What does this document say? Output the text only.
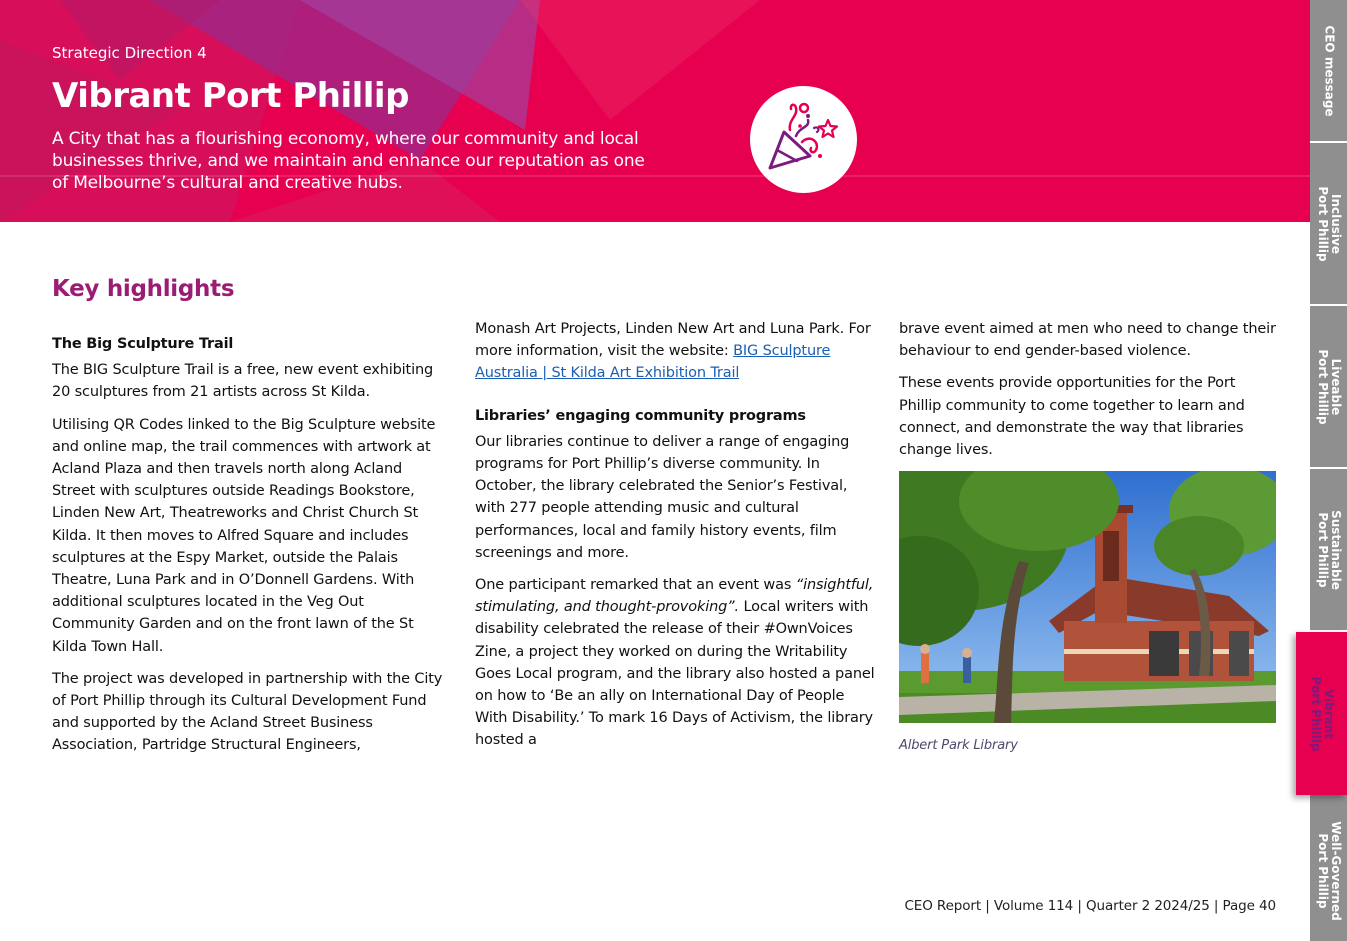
Strategic Direction 4
Vibrant Port Phillip
A City that has a flourishing economy, where our community and local businesses thrive, and we maintain and enhance our reputation as one of Melbourne’s cultural and creative hubs.
CEO message
Inclusive
Port Phillip
Liveable
Port Phillip
Sustainable
Port Phillip
Well-Governed
Port Phillip
Vibrant
Port Phillip
Key highlights
The Big Sculpture Trail

The BIG Sculpture Trail is a free, new event exhibiting 20 sculptures from 21 artists across St Kilda.

Utilising QR Codes linked to the Big Sculpture website and online map, the trail commences with artwork at Acland Plaza and then travels north along Acland Street with sculptures outside Readings Bookstore, Linden New Art, Theatreworks and Christ Church St Kilda. It then moves to Alfred Square and includes sculptures at the Espy Market, outside the Palais Theatre, Luna Park and in O’Donnell Gardens. With additional sculptures located in the Veg Out Community Garden and on the front lawn of the St Kilda Town Hall.

The project was developed in partnership with the City of Port Phillip through its Cultural Development Fund and supported by the Acland Street Business Association, Partridge Structural Engineers,

Monash Art Projects, Linden New Art and Luna Park. For more information, visit the website: BIG Sculpture Australia | St Kilda Art Exhibition Trail

Libraries’ engaging community programs

Our libraries continue to deliver a range of engaging programs for Port Phillip’s diverse community. In October, the library celebrated the Senior’s Festival, with 277 people attending music and cultural performances, local and family history events, film screenings and more.

One participant remarked that an event was “insightful, stimulating, and thought-provoking”. Local writers with disability celebrated the release of their #OwnVoices Zine, a project they worked on during the Writability Goes Local program, and the library also hosted a panel on how to ‘Be an ally on International Day of People With Disability.’ To mark 16 Days of Activism, the library hosted a

brave event aimed at men who need to change their behaviour to end gender-based violence.

These events provide opportunities for the Port Phillip community to come together to learn and connect, and demonstrate the way that libraries change lives.

Albert Park Library
CEO Report | Volume 114 | Quarter 2 2024/25 | Page 40
